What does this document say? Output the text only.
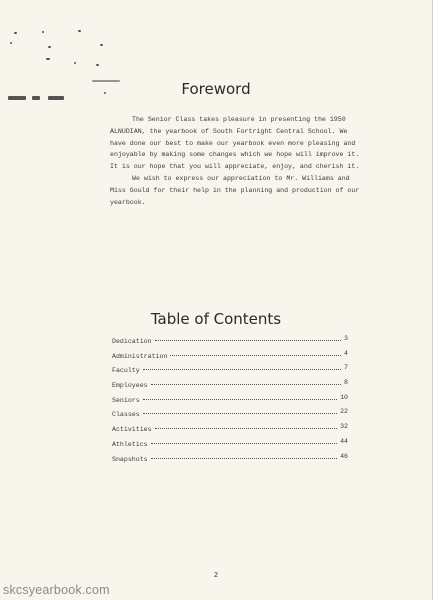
Foreword

The Senior Class takes pleasure in presenting the 1950 ALNUDIAN, the yearbook of South Fortright Central School. We have done our best to make our yearbook even more pleasing and enjoyable by making some changes which we hope will improve it. It is our hope that you will appreciate, enjoy, and cherish it.

We wish to express our appreciation to Mr. Williams and Miss Gould for their help in the planning and production of our yearbook.

Table of Contents
Dedication	3
Administration	4
Faculty	7
Employees	8
Seniors	10
Classes	22
Activities	32
Athletics	44
Snapshots	46
2
skcsyearbook.com
